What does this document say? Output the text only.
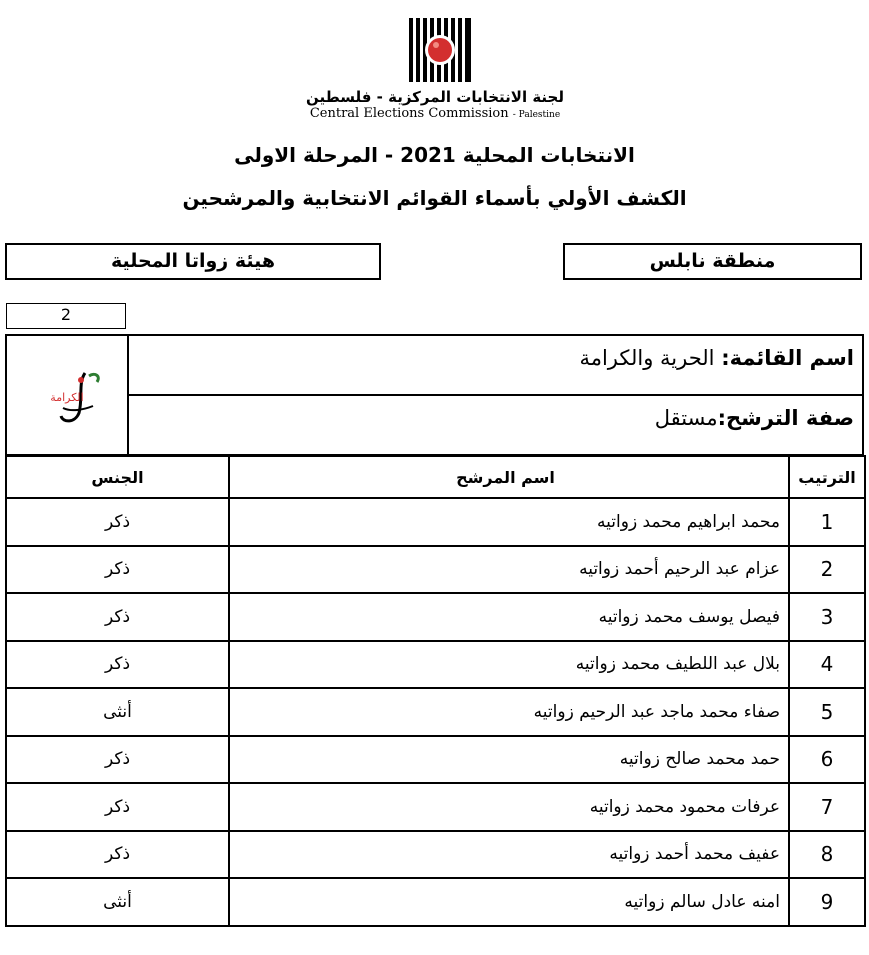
لجنة الانتخابات المركزية - فلسطين
Central Elections Commission - Palestine
الانتخابات المحلية 2021 - المرحلة الاولى
الكشف الأولي بأسماء القوائم الانتخابية والمرشحين
منطقة نابلس
هيئة زواتا المحلية
2
اسم القائمة: الحرية والكرامة
صفة الترشح:مستقل
الكرامة
الترتيب	اسم المرشح	الجنس
1	محمد ابراهيم محمد زواتيه	ذكر
2	عزام عبد الرحيم أحمد زواتيه	ذكر
3	فيصل يوسف محمد زواتيه	ذكر
4	بلال عبد اللطيف محمد زواتيه	ذكر
5	صفاء محمد ماجد عبد الرحيم زواتيه	أنثى
6	حمد محمد صالح زواتيه	ذكر
7	عرفات محمود محمد زواتيه	ذكر
8	عفيف محمد أحمد زواتيه	ذكر
9	امنه عادل سالم زواتيه	أنثى
